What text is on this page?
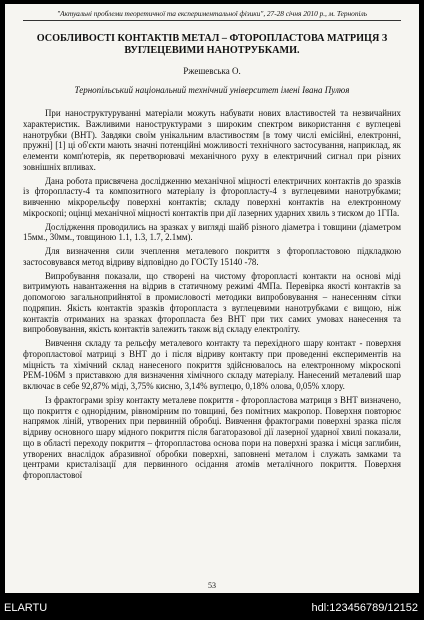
"Актуальні проблеми теоретичної та експериментальної фізики", 27-28 січня 2010 р., м. Тернопіль
ОСОБЛИВОСТІ КОНТАКТІВ МЕТАЛ – ФТОРОПЛАСТОВА МАТРИЦЯ З ВУГЛЕЦЕВИМИ НАНОТРУБКАМИ.
Ржешевська О.
Тернопільський національний технічний університет імені Івана Пулюя

При наноструктуруванні матеріали можуть набувати нових властивостей та незвичайних характеристик. Важливими наноструктурами з широким спектром використання є вуглецеві нанотрубки (ВНТ). Завдяки своїм унікальним властивостям [в тому числі емісійні, електронні, пружні] [1] ці об'єкти мають значні потенційні можливості технічного застосування, наприклад, як елементи комп'ютерів, як перетворювачі механічного руху в електричний сигнал при різних зовнішніх впливах.

Дана робота присвячена дослідженню механічної міцності електричних контактів до зразків із фторопласту-4 та композитного матеріалу із фторопласту-4 з вуглецевими нанотрубками; вивченню мікрорельєфу поверхні контактів; складу поверхні контактів на електронному мікроскопі; оцінці механічної міцності контактів при дії лазерних ударних хвиль з тиском до 1ГПа.

Дослідження проводились на зразках у вигляді шайб різного діаметра і товщини (діаметром 15мм., 30мм., товщиною 1.1, 1.3, 1.7, 2.1мм).

Для визначення сили зчеплення металевого покриття з фторопластовою підкладкою застосовувався метод відриву відповідно до ГОСТу 15140 -78.

Випробування показали, що створені на чистому фторопласті контакти на основі міді витримують навантаження на відрив в статичному режимі 4МПа. Перевірка якості контактів за допомогою загальноприйнятої в промисловості методики випробовування – нанесенням сітки подряпин. Якість контактів зразків фторопласта з вуглецевими нанотрубками є вищою, ніж контактів отриманих на зразках фторопласта без ВНТ при тих самих умовах нанесення та випробовування, якість контактів залежить також від складу електроліту.

Вивчення складу та рельєфу металевого контакту та перехідного шару контакт - поверхня фторопластової матриці з ВНТ до і після відриву контакту при проведенні експериментів на міцність та хімічний склад нанесеного покриття здійснювалось на електронному мікроскопі РЕМ-106М з приставкою для визначення хімічного складу матеріалу. Нанесений металевий шар включає в себе 92,87% міді, 3,75% кисню, 3,14% вуглецю, 0,18% олова, 0,05% хлору.

Із фрактограми зрізу контакту металеве покриття - фторопластова матриця з ВНТ визначено, що покриття є однорідним, рівномірним по товщині, без помітних макропор. Поверхня повторює напрямок ліній, утворених при первинній обробці. Вивчення фрактограми поверхні зразка після відриву основного шару мідного покриття після багаторазової дії лазерної ударної хвилі показали, що в області переходу покриття – фторопластова основа пори на поверхні зразка і місця заглибин, утворених внаслідок абразивної обробки поверхні, заповнені металом і служать замками та центрами кристалізації для первинного осідання атомів металічного покриття. Поверхня фторопластової

53
ELARTU	hdl:123456789/12152
